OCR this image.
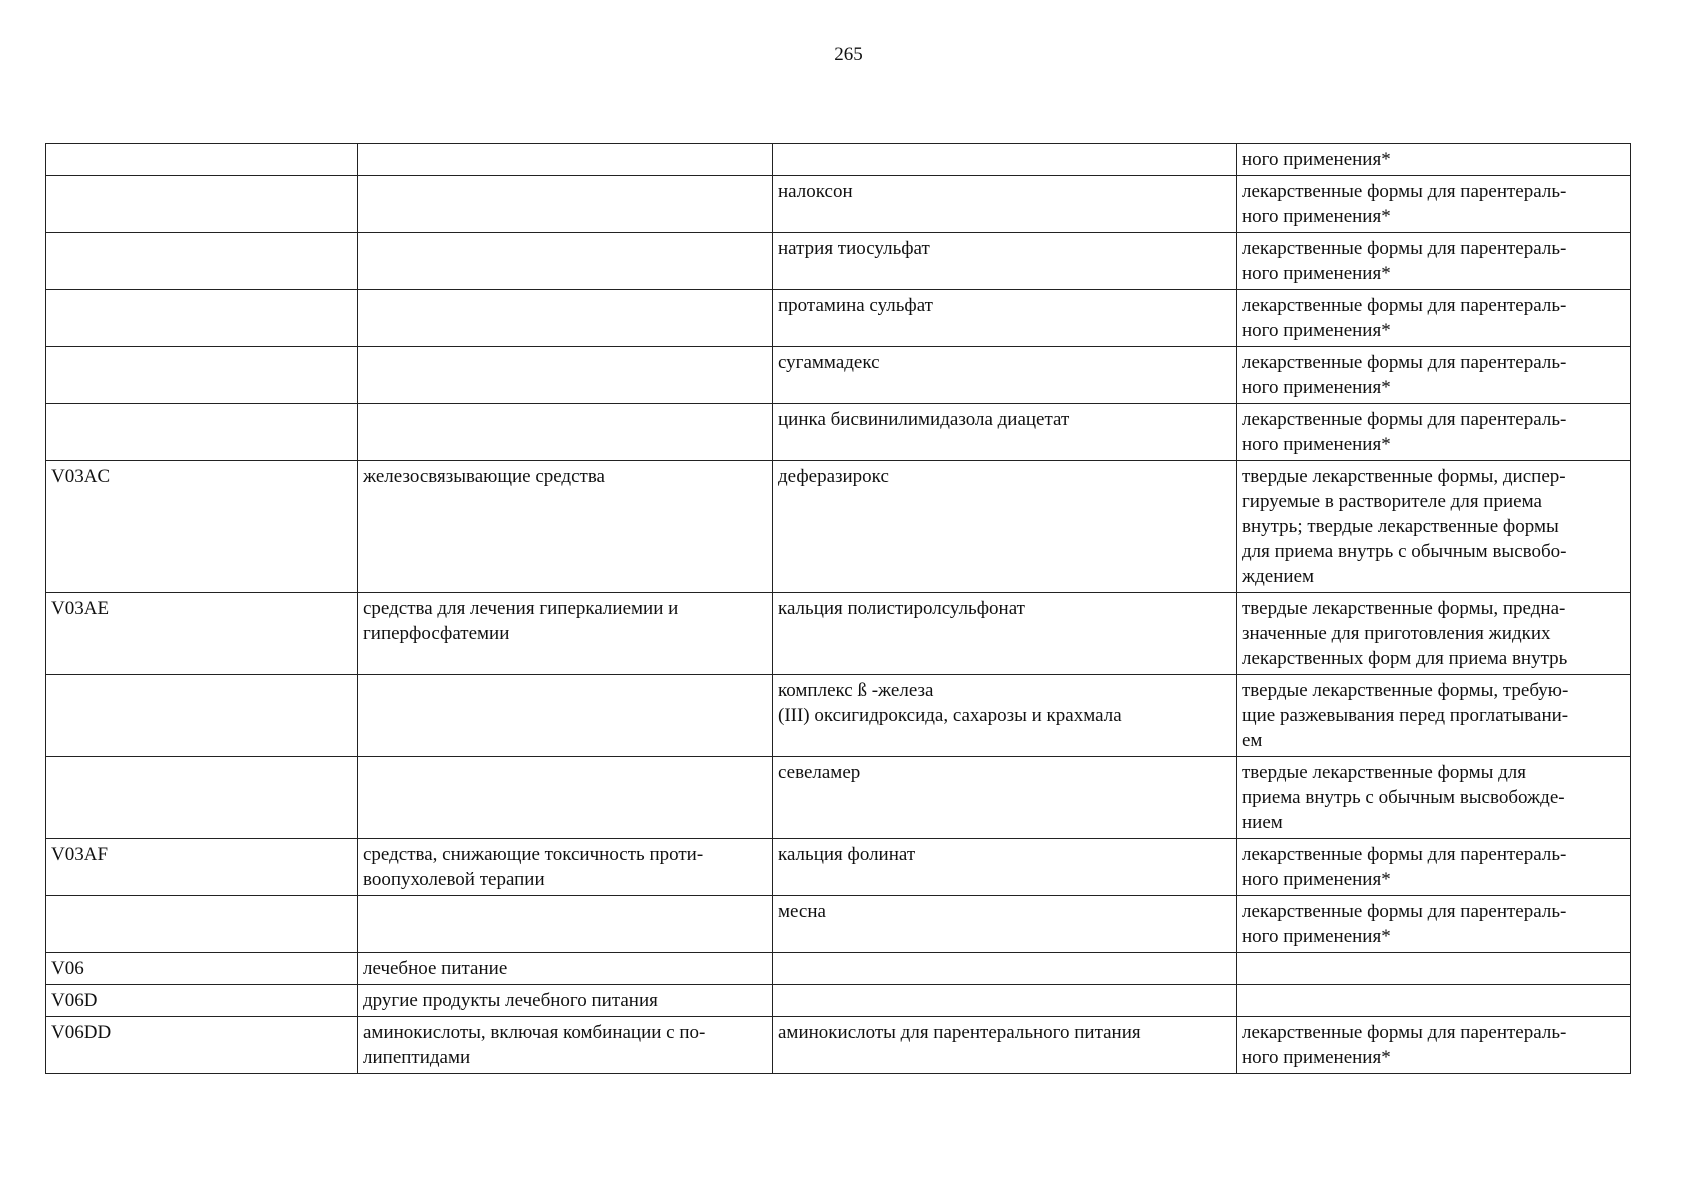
265

			ного применения*

		налоксон	лекарственные формы для парентераль-
ного применения*

		натрия тиосульфат	лекарственные формы для парентераль-
ного применения*

		протамина сульфат	лекарственные формы для парентераль-
ного применения*

		сугаммадекс	лекарственные формы для парентераль-
ного применения*

		цинка бисвинилимидазола диацетат	лекарственные формы для парентераль-
ного применения*

V03AC	железосвязывающие средства	деферазирокс	твердые лекарственные формы, диспер-
гируемые в растворителе для приема
внутрь; твердые лекарственные формы
для приема внутрь с обычным высвобо-
ждением

V03AE	средства для лечения гиперкалиемии и
гиперфосфатемии	кальция полистиролсульфонат	твердые лекарственные формы, предна-
значенные для приготовления жидких
лекарственных форм для приема внутрь

		комплекс ß -железа
(III) оксигидроксида, сахарозы и крахмала	твердые лекарственные формы, требую-
щие разжевывания перед проглатывани-
ем

		севеламер	твердые лекарственные формы для
приема внутрь с обычным высвобожде-
нием

V03AF	средства, снижающие токсичность проти-
воопухолевой терапии	кальция фолинат	лекарственные формы для парентераль-
ного применения*

		месна	лекарственные формы для парентераль-
ного применения*

V06	лечебное питание		

V06D	другие продукты лечебного питания		

V06DD	аминокислоты, включая комбинации с по-
липептидами	аминокислоты для парентерального питания	лекарственные формы для парентераль-
ного применения*
